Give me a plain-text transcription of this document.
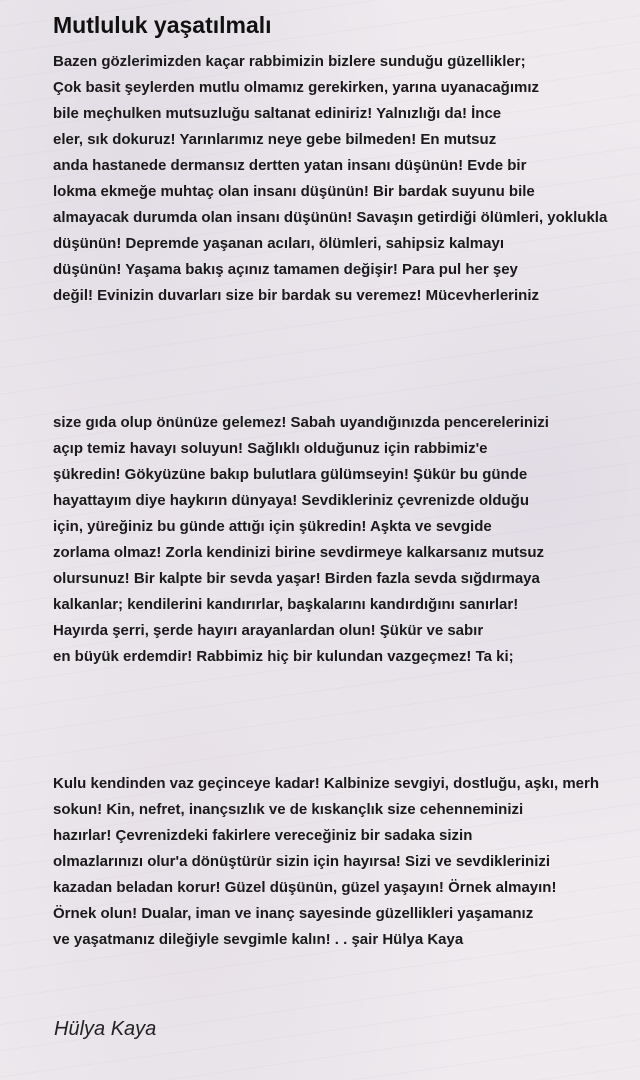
Mutluluk yaşatılmalı
Bazen gözlerimizden kaçar rabbimizin bizlere sunduğu güzellikler;
Çok basit şeylerden mutlu olmamız gerekirken, yarına uyanacağımız
bile meçhulken mutsuzluğu saltanat ediniriz! Yalnızlığı da! İnce
eler, sık dokuruz! Yarınlarımız neye gebe bilmeden! En mutsuz
anda hastanede dermansız dertten yatan insanı düşünün! Evde bir
lokma ekmeğe muhtaç olan insanı düşünün! Bir bardak suyunu bile
almayacak durumda olan insanı düşünün! Savaşın getirdiği ölümleri, yoklukla
düşünün! Depremde yaşanan acıları, ölümleri, sahipsiz kalmayı
düşünün! Yaşama bakış açınız tamamen değişir! Para pul her şey
değil! Evinizin duvarları size bir bardak su veremez! Mücevherleriniz
size gıda olup önünüze gelemez! Sabah uyandığınızda pencerelerinizi
açıp temiz havayı soluyun! Sağlıklı olduğunuz için rabbimiz'e
şükredin! Gökyüzüne bakıp bulutlara gülümseyin! Şükür bu günde
hayattayım diye haykırın dünyaya! Sevdikleriniz çevrenizde olduğu
için, yüreğiniz bu günde attığı için şükredin! Aşkta ve sevgide
zorlama olmaz! Zorla kendinizi birine sevdirmeye kalkarsanız mutsuz
olursunuz! Bir kalpte bir sevda yaşar! Birden fazla sevda sığdırmaya
kalkanlar; kendilerini kandırırlar, başkalarını kandırdığını sanırlar!
Hayırda şerri, şerde hayırı arayanlardan olun! Şükür ve sabır
en büyük erdemdir! Rabbimiz hiç bir kulundan vazgeçmez! Ta ki;
Kulu kendinden vaz geçinceye kadar! Kalbinize sevgiyi, dostluğu, aşkı, merh
sokun! Kin, nefret, inançsızlık ve de kıskançlık size cehenneminizi
hazırlar! Çevrenizdeki fakirlere vereceğiniz bir sadaka sizin
olmazlarınızı olur'a dönüştürür sizin için hayırsa! Sizi ve sevdiklerinizi
kazadan beladan korur! Güzel düşünün, güzel yaşayın! Örnek almayın!
Örnek olun! Dualar, iman ve inanç sayesinde güzellikleri yaşamanız
ve yaşatmanız dileğiyle sevgimle kalın! . . şair Hülya Kaya

Hülya Kaya
